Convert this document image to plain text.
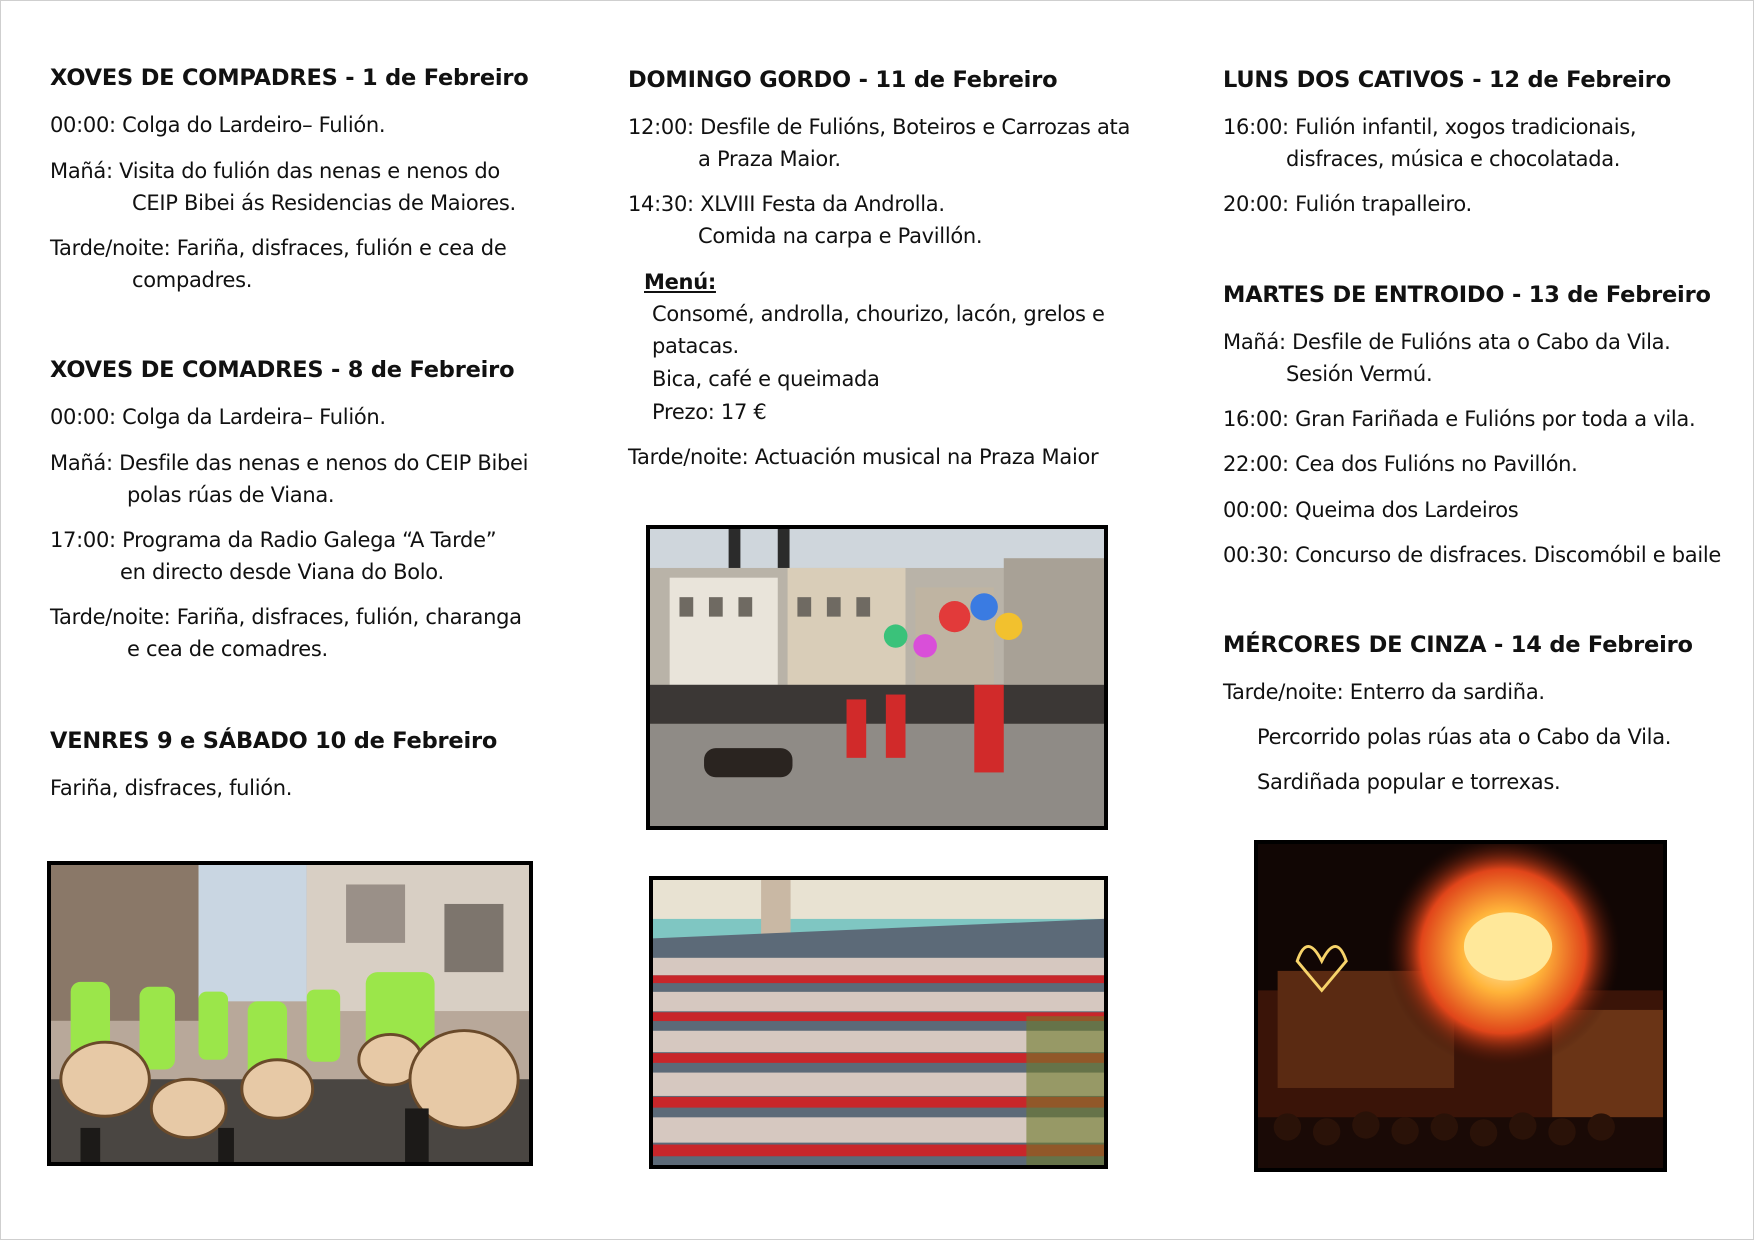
XOVES DE COMPADRES - 1 de Febreiro
00:00: Colga do Lardeiro– Fulión.
Mañá: Visita do fulión das nenas e nenos do
CEIP Bibei ás Residencias de Maiores.
Tarde/noite: Fariña, disfraces, fulión e cea de
compadres.
XOVES DE COMADRES - 8 de Febreiro
00:00: Colga da Lardeira– Fulión.
Mañá: Desfile das nenas e nenos do CEIP Bibei
polas rúas de Viana.
17:00: Programa da Radio Galega “A Tarde”
en directo desde Viana do Bolo.
Tarde/noite: Fariña, disfraces, fulión, charanga
e cea de comadres.
VENRES 9 e SÁBADO 10 de Febreiro
Fariña, disfraces, fulión.
DOMINGO GORDO - 11 de Febreiro
12:00: Desfile de Fulións, Boteiros e Carrozas ata
a Praza Maior.
14:30: XLVIII Festa da Androlla.
Comida na carpa e Pavillón.
Menú:
Consomé, androlla, chourizo, lacón, grelos e
patacas.
Bica, café e queimada
Prezo: 17 €
Tarde/noite: Actuación musical na Praza Maior
LUNS DOS CATIVOS - 12 de Febreiro
16:00: Fulión infantil, xogos tradicionais,
disfraces, música e chocolatada.
20:00: Fulión trapalleiro.
MARTES DE ENTROIDO - 13 de Febreiro
Mañá: Desfile de Fulións ata o Cabo da Vila.
Sesión Vermú.
16:00: Gran Fariñada e Fulións por toda a vila.
22:00: Cea dos Fulións no Pavillón.
00:00: Queima dos Lardeiros
00:30: Concurso de disfraces. Discomóbil e baile
MÉRCORES DE CINZA - 14 de Febreiro
Tarde/noite: Enterro da sardiña.
Percorrido polas rúas ata o Cabo da Vila.
Sardiñada popular e torrexas.
